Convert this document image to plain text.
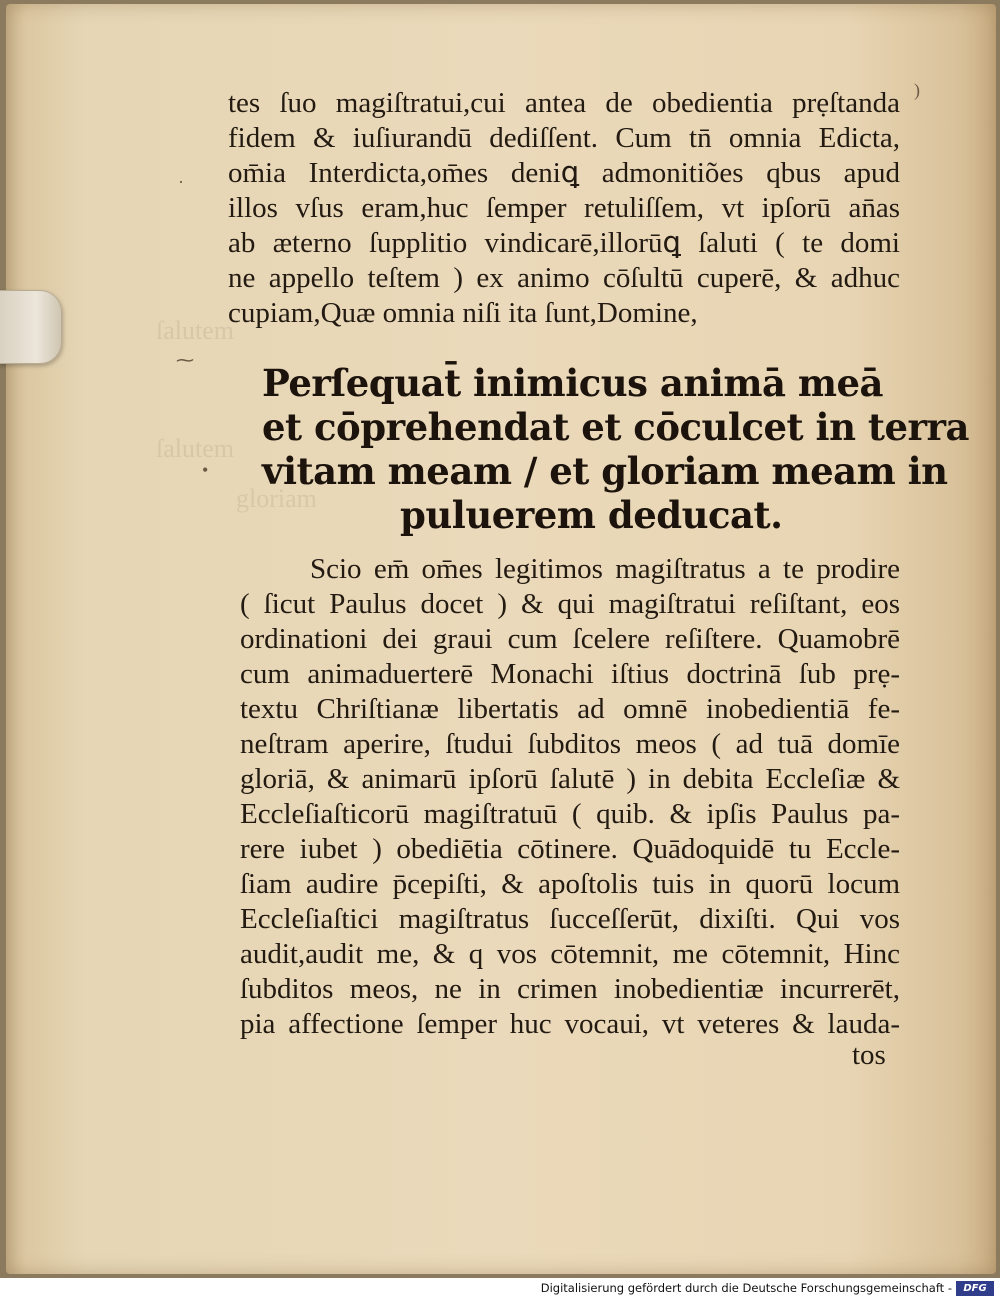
ſalutem
ſalutem
gloriam
·
⁓
•
)
tes ſuo magiſtratui,cui antea de obedientia prẹſtanda
fidem & iuſiurandū dediſſent. Cum tn̄ omnia Edicta,
om̄ia Interdicta,om̄es deniꝗ admonitiões qbus apud
illos vſus eram,huc ſemper retuliſſem, vt ipſorū an̄as
ab æterno ſupplitio vindicarē,illorūꝗ ſaluti ( te domi
ne appello teſtem ) ex animo cōſultū cuperē, & adhuc
cupiam,Quæ omnia niſi ita ſunt,Domine,
Perſequat̄ inimicus animā meā
et cōprehendat et cōculcet in terra
vitam meam / et gloriam meam in
puluerem deducat.
Scio em̄ om̄es legitimos magiſtratus a te prodire
( ſicut Paulus docet ) & qui magiſtratui reſiſtant, eos
ordinationi dei graui cum ſcelere reſiſtere. Quamobrē
cum animaduerterē Monachi iſtius doctrinā ſub prẹ-
textu Chriſtianæ libertatis ad omnē inobedientiā fe-
neſtram aperire, ſtudui ſubditos meos ( ad tuā domīe
gloriā, & animarū ipſorū ſalutē ) in debita Eccleſiæ &
Eccleſiaſticorū magiſtratuū ( quib. & ipſis Paulus pa-
rere iubet ) obediētia cōtinere. Quādoquidē tu Eccle-
ſiam audire p̄cepiſti, & apoſtolis tuis in quorū locum
Eccleſiaſtici magiſtratus ſucceſſerūt, dixiſti. Qui vos
audit,audit me, & q vos cōtemnit, me cōtemnit, Hinc
ſubditos meos, ne in crimen inobedientiæ incurrerēt,
pia affectione ſemper huc vocaui, vt veteres & lauda-
tos
Digitalisierung gefördert durch die Deutsche Forschungsgemeinschaft -	DFG
